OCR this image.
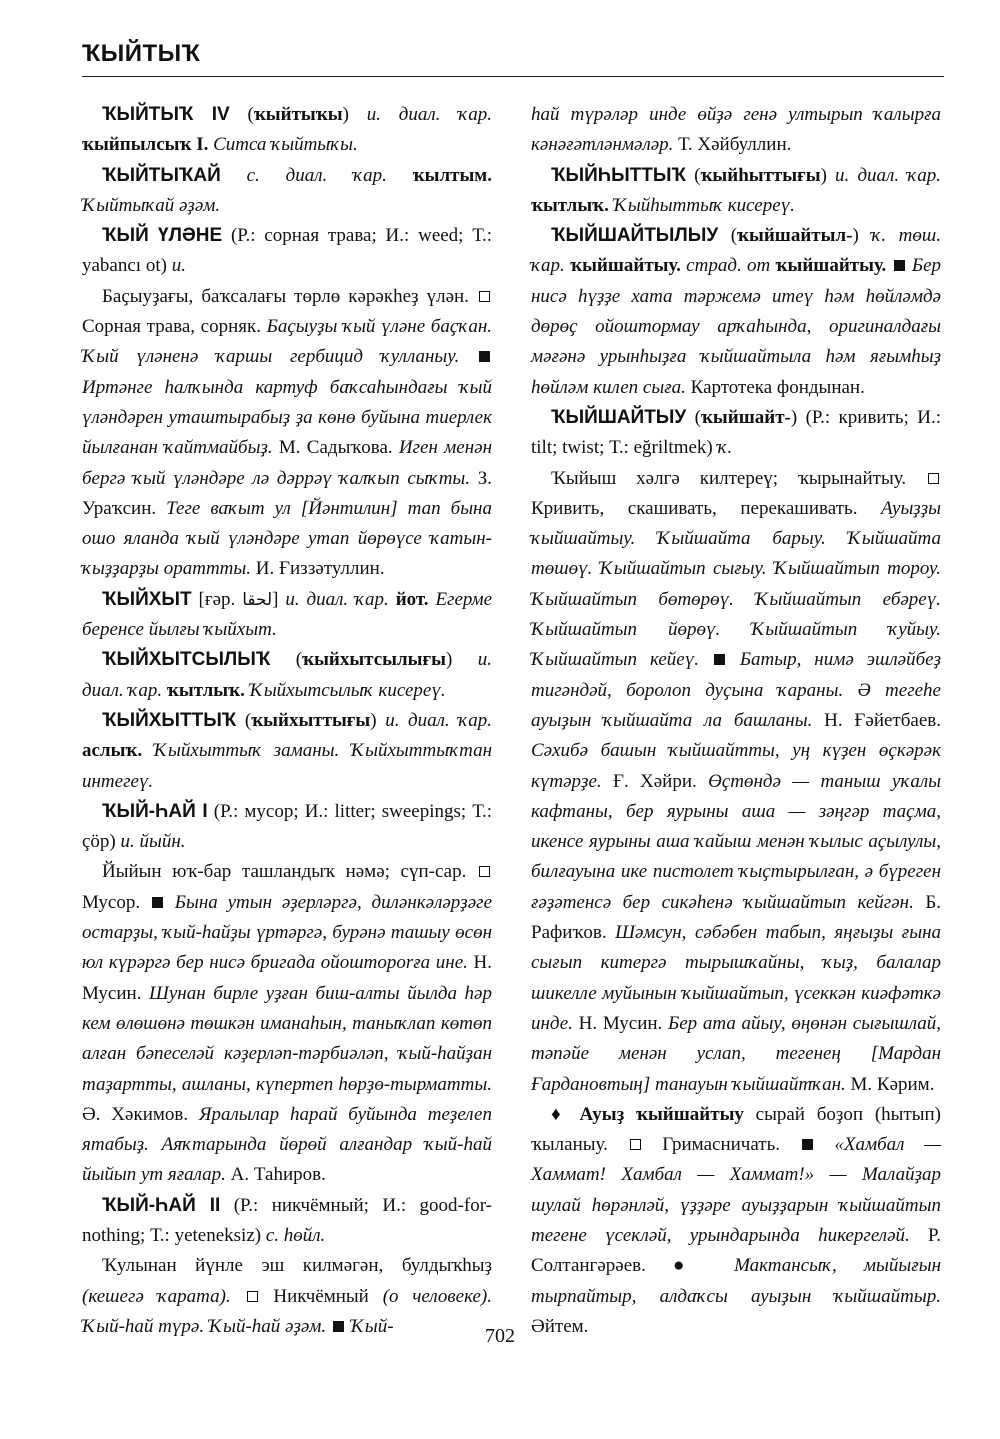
ҠЫЙТЫҠ

ҠЫЙТЫҠ IV (ҡыйтыҡы) и. диал. ҡар. ҡыйпылсыҡ I. Ситса ҡыйтыҡы.

ҠЫЙТЫҠАЙ с. диал. ҡар. ҡылтым. Ҡыйтыҡай әҙәм.

ҠЫЙ ҮЛӘНЕ (Р.: сорная трава; И.: weed; Т.: yabancı ot) и.

Баҫыуҙағы, баҡсалағы төрлө кәрәкһеҙ үлән.  Сорная трава, сорняк. Баҫыуҙы ҡый үләне баҫҡан. Ҡый үләненә ҡаршы гербицид ҡулланыу.  Иртәнге һалҡында картуф баҡсаһындағы ҡый үләндәрен уташтырабыҙ ҙа көнө буйына тиерлек йылғанан ҡайтмайбыҙ. М. Садыҡова. Иген менән бергә ҡый үләндәре лә дәррәү ҡалҡып сыҡты. З. Ураҡсин. Теге ваҡыт ул [Йәнтилин] тап бына ошо яланда ҡый үләндәре утап йөрөүсе ҡатын-ҡыҙҙарҙы ораттты. И. Ғиззәтуллин.

ҠЫЙХЫТ [ғәр. ﻟﺤﻘﺎ] и. диал. ҡар. йот. Егерме беренсе йылғы ҡыйхыт.

ҠЫЙХЫТСЫЛЫҠ (ҡыйхытсылығы) и. диал. ҡар. ҡытлыҡ. Ҡыйхытсылыҡ кисереү.

ҠЫЙХЫТТЫҠ (ҡыйхыттығы) и. диал. ҡар. аслыҡ. Ҡыйхыттыҡ заманы. Ҡыйхыттыҡтан интегеү.

ҠЫЙ-ҺАЙ I (Р.: мусор; И.: litter; sweepings; Т.: çöp) и. йыйн.

Йыйын юҡ-бар ташландыҡ нәмә; сүп-сар.  Мусор.  Бына утын әҙерләргә, диләнкәләрҙәге остарҙы, ҡый-һайҙы үртәргә, бурәнә ташыу өсөн юл күрәргә бер нисә бригада ойоштороrға ине. Н. Мусин. Шунан бирле уҙған биш-алты йылда һәр кем өлөшөнә төшкән иманаһын, таныҡлап көтөп алған бәпеселәй кәҙерләп-тәрбиәләп, ҡый-һайҙан таҙартты, ашланы, күпертеп һөрҙө-тырматты. Ә. Хәкимов. Яралылар һарай буйында теҙелеп ятабыҙ. Аяҡтарында йөрөй алғандар ҡый-һай йыйып ут яғалар. А. Таһиров.

ҠЫЙ-ҺАЙ II (Р.: никчёмный; И.: good-for-nothing; Т.: yeteneksiz) с. һөйл.

Ҡулынан йүнле эш килмәгән, булдыҡһыҙ (кешегә ҡарата).  Никчёмный (о человеке). Ҡый-һай түрә. Ҡый-һай әҙәм. Ҡый-

һай түрәләр инде өйҙә генә ултырып ҡалырға кәнәғәтләнмәләр. Т. Хәйбуллин.

ҠЫЙҺЫТТЫҠ (ҡыйһыттығы) и. диал. ҡар. ҡытлыҡ. Ҡыйһыттыҡ кисереү.

ҠЫЙШАЙТЫЛЫУ (ҡыйшайтыл-) ҡ. төш. ҡар. ҡыйшайтыу. страд. от ҡыйшайтыу. Бер нисә һүҙҙе хата тәржемә итеү һәм һөйләмдә дөрөҫ ойоштормау арҡаһында, оригиналдағы мәғәнә урынһыҙға ҡыйшайтыла һәм яғымһыҙ һөйләм килеп сыға. Картотека фондынан.

ҠЫЙШАЙТЫУ (ҡыйшайт-) (Р.: кривить; И.: tilt; twist; Т.: eğriltmek) ҡ.

Ҡыйыш хәлгә килтереү; ҡырынайтыу.  Кривить, скашивать, перекашивать. Ауыҙҙы ҡыйшайтыу. Ҡыйшайта барыу. Ҡыйшайта төшөү. Ҡыйшайтып сығыу. Ҡыйшайтып тороу. Ҡыйшайтып бөтөрөү. Ҡыйшайтып ебәреү. Ҡыйшайтып йөрөү. Ҡыйшайтып ҡуйыу. Ҡыйшайтып кейеү. Батыр, нимә эшләйбеҙ тигәндәй, боролоп дуҫына ҡараны. Ә тегеһе ауыҙын ҡыйшайта ла башланы. Н. Ғәйетбаев. Сәхибә башын ҡыйшайтты, уң күҙен өҫкәрәк күтәрҙе. Ғ. Хәйри. Өҫтөндә — таныш уҡалы кафтаны, бер яурыны аша — зәңгәр таҫма, икенсе яурыны аша ҡайыш менән ҡылыс аҫылулы, билғауына ике пистолет ҡыҫтырылған, ә бүреген ғәҙәтенсә бер сикәһенә ҡыйшайтып кейгән. Б. Рафиҡов. Шәмсун, сәбәбен табып, яңғыҙы ғына сығып китергә тырышҡайны, ҡыҙ, балалар шикелле муйынын ҡыйшайтып, үсеккән киәфәткә инде. Н. Мусин. Бер ата айыу, өңөнән сығышлай, тәпәйе менән услап, тегенең [Мардан Ғардановтың] танауын ҡыйшайтҡан. М. Кәрим.

♦ Ауыҙ ҡыйшайтыу сырай боҙоп (һытып) ҡыланыу.  Гримасничать.  «Хамбал — Хаммат! Хамбал — Хаммат!» — Малайҙар шулай һөрәнләй, үҙҙәре ауыҙҙарын ҡыйшайтып тегене үсекләй, урындарында һикергеләй. Р. Солтангәрәев. ● Мактансыҡ, мыйығын тырпайтыр, алдаҡсы ауыҙын ҡыйшайтыр. Әйтем.

702
